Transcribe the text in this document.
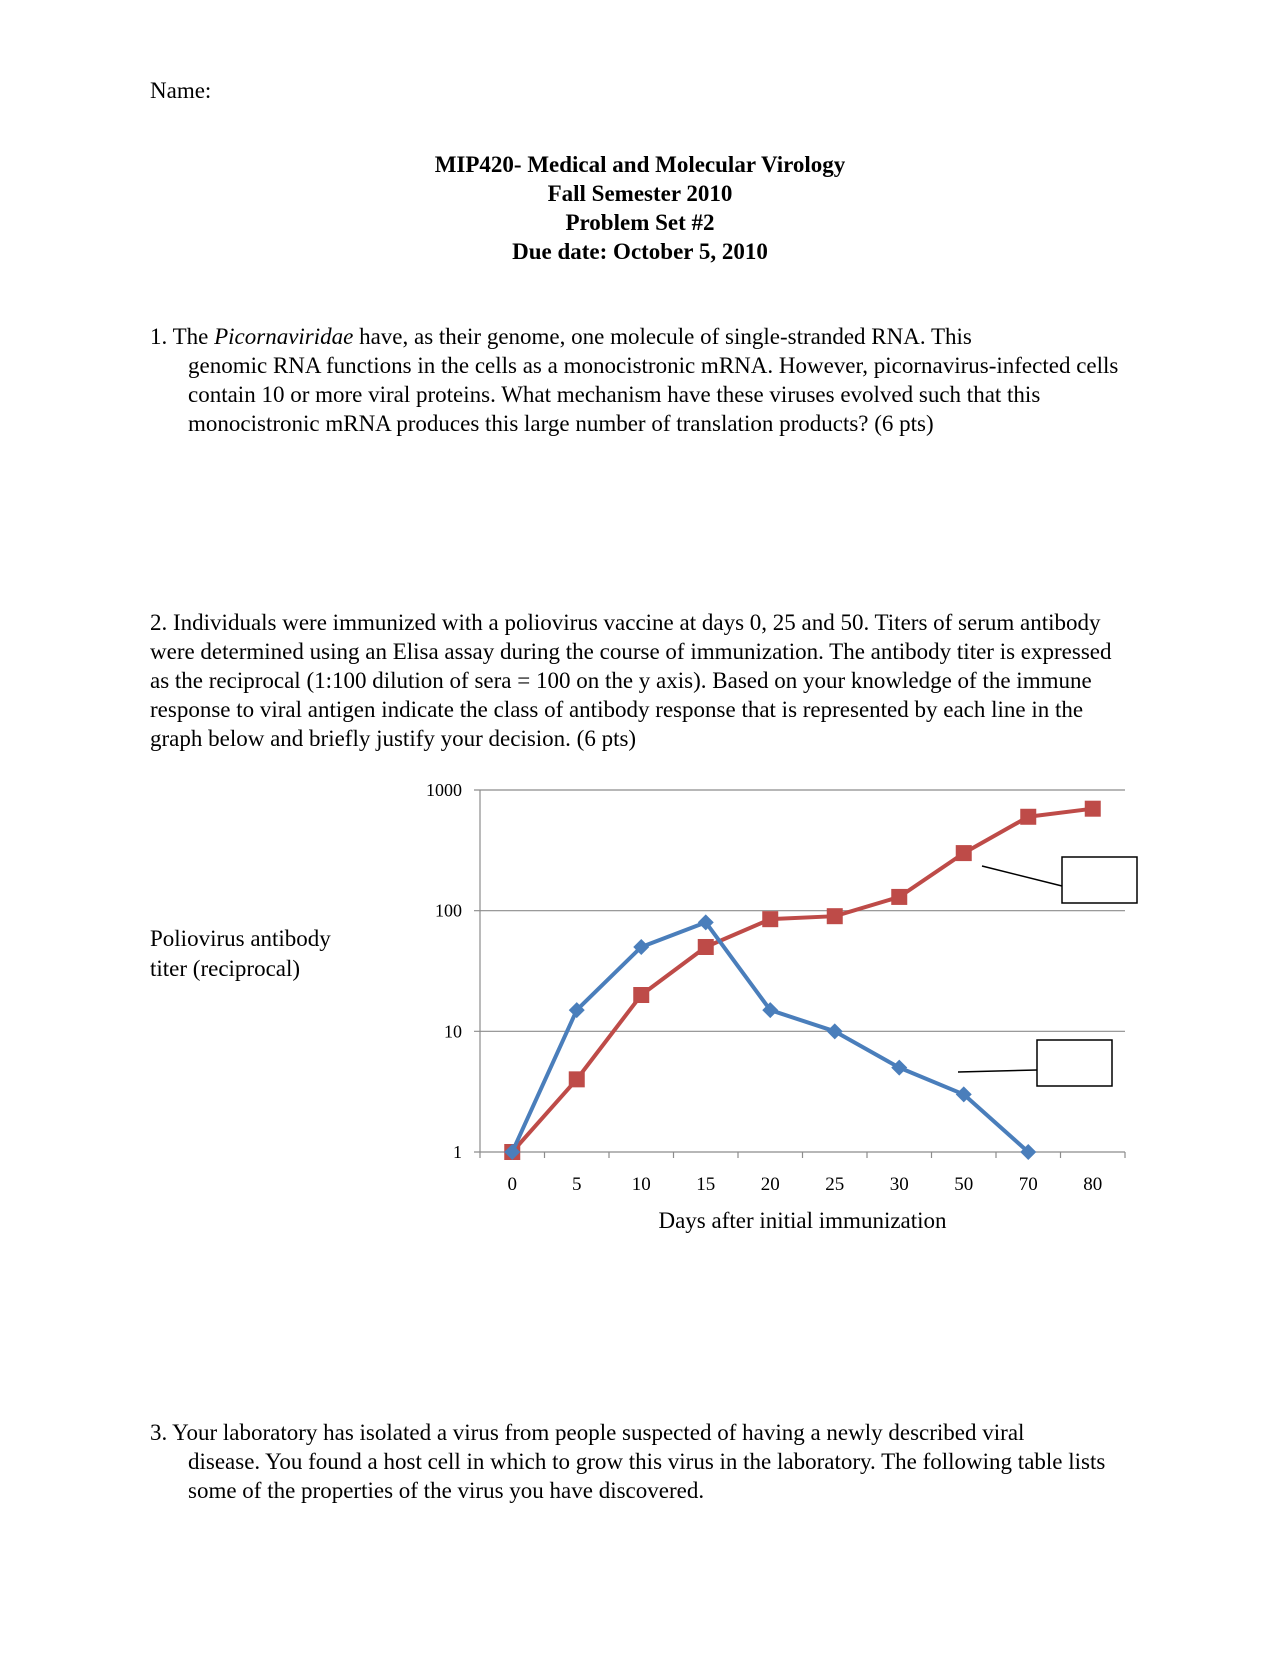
Name:
MIP420- Medical and Molecular Virology
Fall Semester 2010
Problem Set #2
Due date: October 5, 2010
1. The Picornaviridae have, as their genome, one molecule of single-stranded RNA. This
genomic RNA functions in the cells as a monocistronic mRNA. However, picornavirus-infected cells contain 10 or more viral proteins. What mechanism have these viruses evolved such that this monocistronic mRNA produces this large number of translation products? (6 pts)
2. Individuals were immunized with a poliovirus vaccine at days 0, 25 and 50. Titers of serum antibody were determined using an Elisa assay during the course of immunization. The antibody titer is expressed as the reciprocal (1:100 dilution of sera = 100 on the y axis). Based on your knowledge of the immune response to viral antigen indicate the class of antibody response that is represented by each line in the graph below and briefly justify your decision. (6 pts)
Poliovirus antibody
titer (reciprocal)
1000
100
10
1
0	5	10 15 20 25 30 50 70 80
Days after initial immunization
3. Your laboratory has isolated a virus from people suspected of having a newly described viral
disease. You found a host cell in which to grow this virus in the laboratory. The following table lists some of the properties of the virus you have discovered.
